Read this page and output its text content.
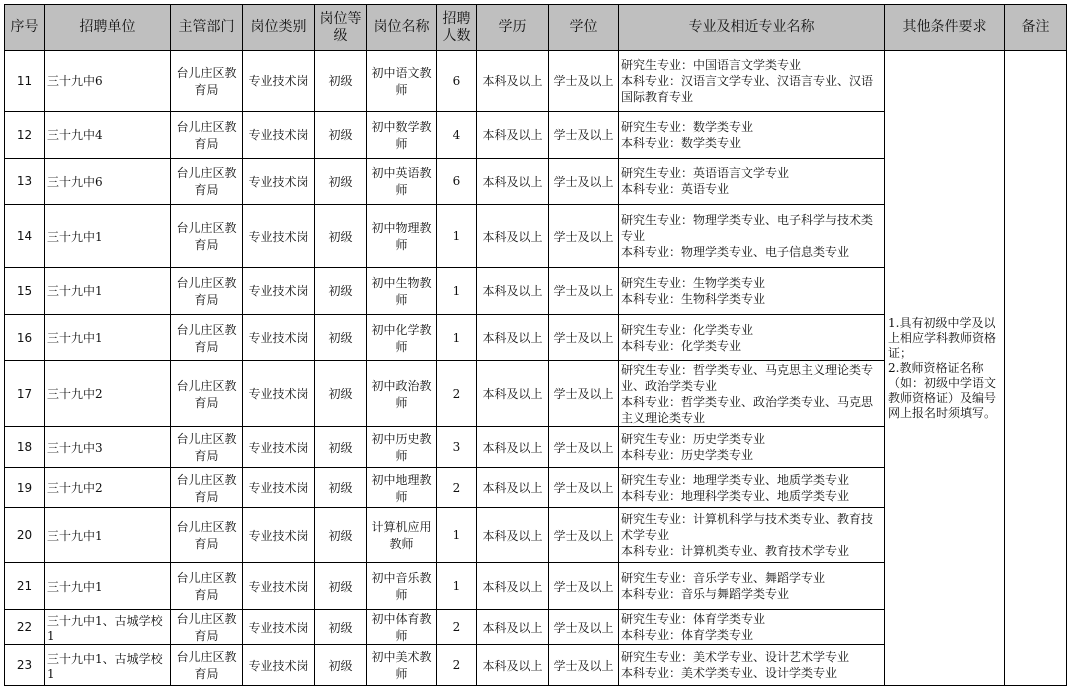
序号	招聘单位	主管部门	岗位类别	岗位等级	岗位名称	招聘人数	学历	学位	专业及相近专业名称	其他条件要求	备注
11	三十九中6	台儿庄区教育局	专业技术岗	初级	初中语文教师	6	本科及以上	学士及以上	研究生专业：中国语言文学类专业
本科专业：汉语言文学专业、汉语言专业、汉语国际教育专业	1.具有初级中学及以上相应学科教师资格证；
2.教师资格证名称（如：初级中学语文教师资格证）及编号网上报名时须填写。	
12	三十九中4	台儿庄区教育局	专业技术岗	初级	初中数学教师	4	本科及以上	学士及以上	研究生专业：数学类专业
本科专业：数学类专业		

13	三十九中6	台儿庄区教育局	专业技术岗	初级	初中英语教师	6	本科及以上	学士及以上	研究生专业：英语语言文学专业
本科专业：英语专业		

14	三十九中1	台儿庄区教育局	专业技术岗	初级	初中物理教师	1	本科及以上	学士及以上	研究生专业：物理学类专业、电子科学与技术类专业
本科专业：物理学类专业、电子信息类专业		

15	三十九中1	台儿庄区教育局	专业技术岗	初级	初中生物教师	1	本科及以上	学士及以上	研究生专业：生物学类专业
本科专业：生物科学类专业		

16	三十九中1	台儿庄区教育局	专业技术岗	初级	初中化学教师	1	本科及以上	学士及以上	研究生专业：化学类专业
本科专业：化学类专业		

17	三十九中2	台儿庄区教育局	专业技术岗	初级	初中政治教师	2	本科及以上	学士及以上	研究生专业：哲学类专业、马克思主义理论类专业、政治学类专业
本科专业：哲学类专业、政治学类专业、马克思主义理论类专业		

18	三十九中3	台儿庄区教育局	专业技术岗	初级	初中历史教师	3	本科及以上	学士及以上	研究生专业：历史学类专业
本科专业：历史学类专业		

19	三十九中2	台儿庄区教育局	专业技术岗	初级	初中地理教师	2	本科及以上	学士及以上	研究生专业：地理学类专业、地质学类专业
本科专业：地理科学类专业、地质学类专业		

20	三十九中1	台儿庄区教育局	专业技术岗	初级	计算机应用教师	1	本科及以上	学士及以上	研究生专业：计算机科学与技术类专业、教育技术学专业
本科专业：计算机类专业、教育技术学专业		

21	三十九中1	台儿庄区教育局	专业技术岗	初级	初中音乐教师	1	本科及以上	学士及以上	研究生专业：音乐学专业、舞蹈学专业
本科专业：音乐与舞蹈学类专业		

22	三十九中1、古城学校1	台儿庄区教育局	专业技术岗	初级	初中体育教师	2	本科及以上	学士及以上	研究生专业：体育学类专业
本科专业：体育学类专业		

23	三十九中1、古城学校1	台儿庄区教育局	专业技术岗	初级	初中美术教师	2	本科及以上	学士及以上	研究生专业：美术学专业、设计艺术学专业
本科专业：美术学类专业、设计学类专业		
